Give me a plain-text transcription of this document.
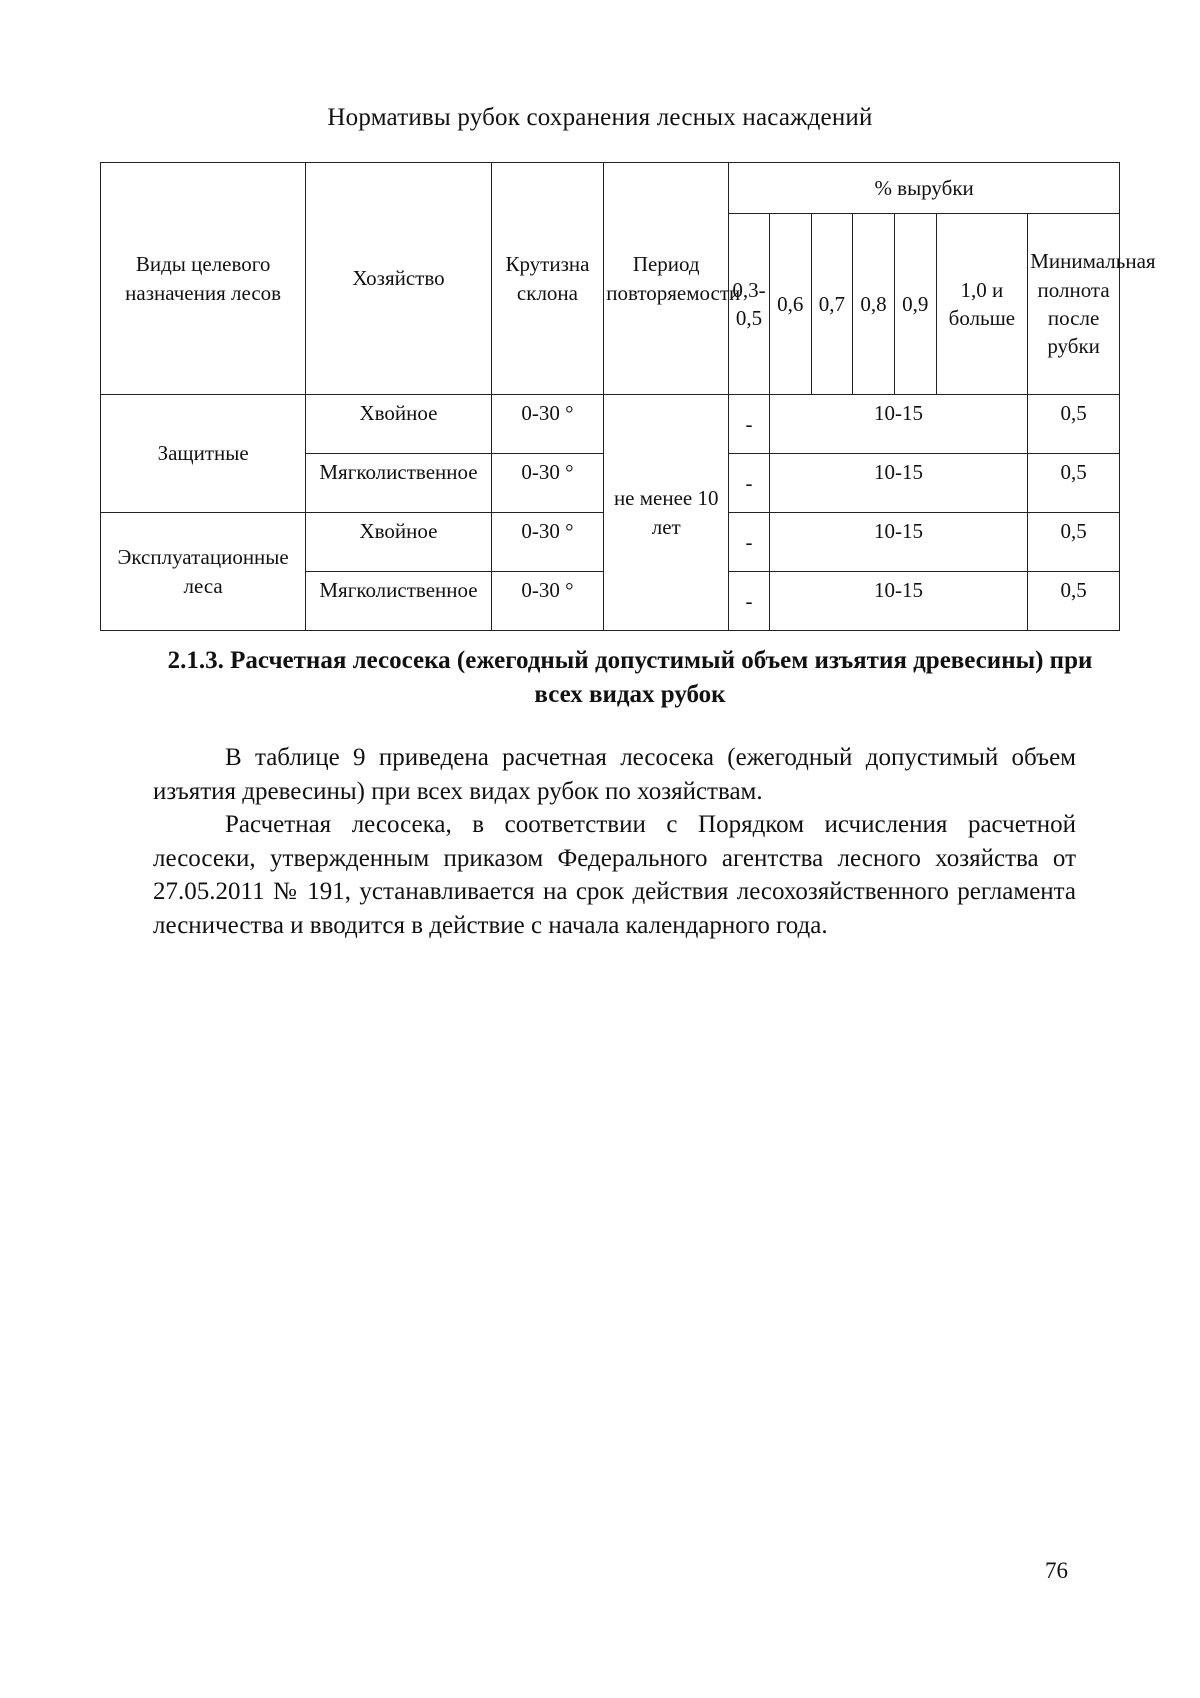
Нормативы рубок сохранения лесных насаждений
Виды целевого назначения лесов	Хозяйство	Крутизна склона	Период повторяемости	% вырубки						
				0,3-0,5	0,6	0,7	0,8	0,9	1,0 и больше	Минимальная полнота после рубки
Защитные	Хвойное	0-30 °	не менее 10 лет	-	10-15					0,5
	Мягколиственное	0-30 °		-	10-15					0,5
Эксплуатационные леса	Хвойное	0-30 °		-	10-15					0,5
	Мягколиственное	0-30 °		-	10-15					0,5
2.1.3. Расчетная лесосека (ежегодный допустимый объем изъятия древесины) при всех видах рубок

В таблице 9 приведена расчетная лесосека (ежегодный допустимый объем изъятия древесины) при всех видах рубок по хозяйствам.

Расчетная лесосека, в соответствии с Порядком исчисления расчетной лесосеки, утвержденным приказом Федерального агентства лесного хозяйства от 27.05.2011 № 191, устанавливается на срок действия лесохозяйственного регламента лесничества и вводится в действие с начала календарного года.

76
